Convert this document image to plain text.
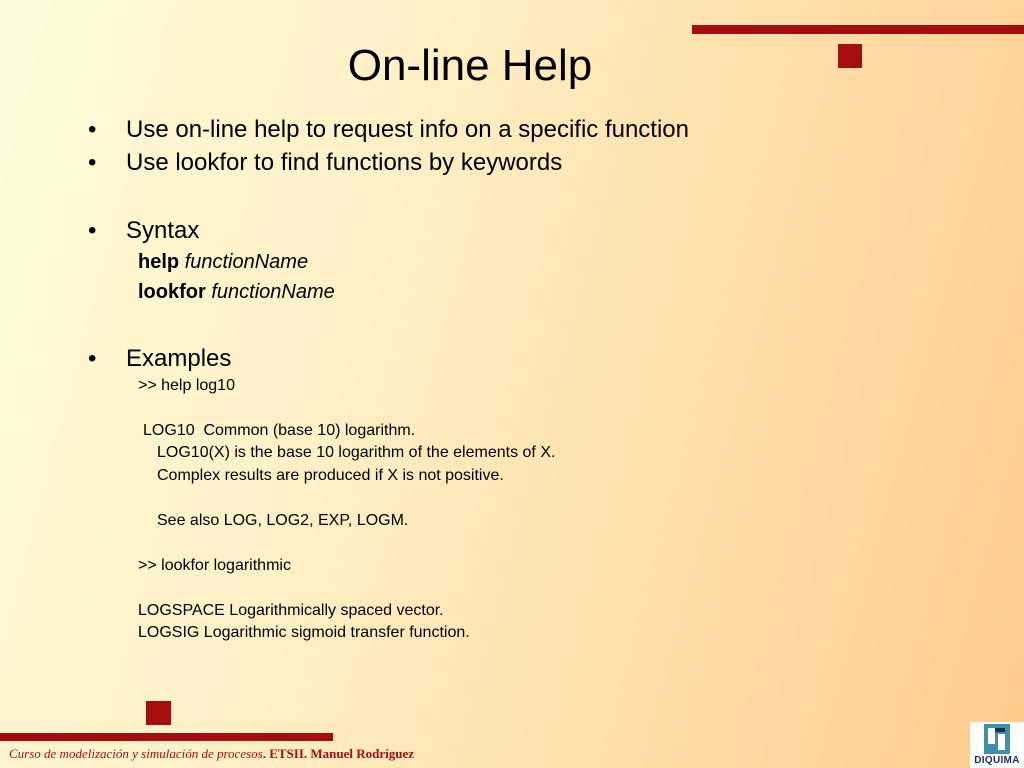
On-line Help
• Use on-line help to request info on a specific function
• Use lookfor to find functions by keywords
• Syntax
help functionName
lookfor functionName
• Examples
>> help log10
LOG10  Common (base 10) logarithm.
LOG10(X) is the base 10 logarithm of the elements of X.
Complex results are produced if X is not positive.
See also LOG, LOG2, EXP, LOGM.
>> lookfor logarithmic
LOGSPACE Logarithmically spaced vector.
LOGSIG Logarithmic sigmoid transfer function.
Curso de modelización y simulación de procesos. ETSII. Manuel Rodríguez	DIQUIMA
